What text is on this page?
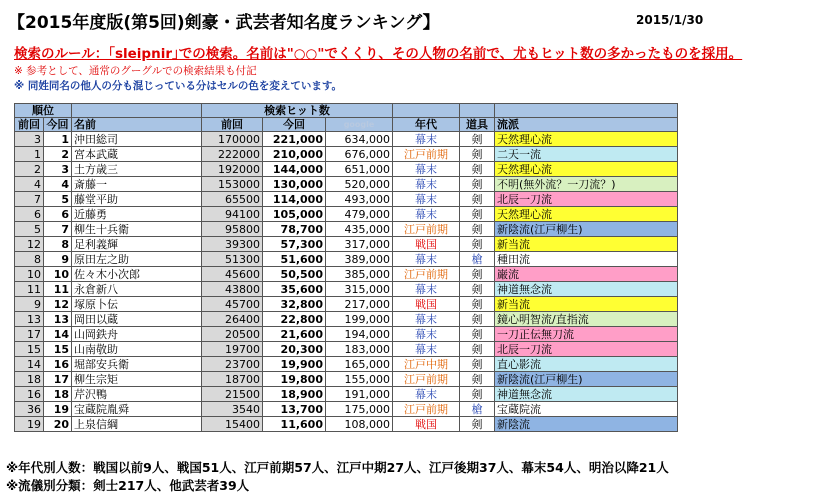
【2015年度版(第5回)剣豪・武芸者知名度ランキング】	2015/1/30
検索のルール：｢sleipnir｣での検索。名前は"○○"でくくり、その人物の名前で、尤もヒット数の多かったものを採用。
※ 参考として、通常のグーグルでの検索結果も付記
※ 同姓同名の他人の分も混じっている分はセルの色を変えています。
順位			検索ヒット数					
前回	今回	名前	前回	今回	google	年代	道具	流派
3	1	沖田総司	170000	221,000	634,000	幕末	剣	天然理心流
1	2	宮本武蔵	222000	210,000	676,000	江戸前期	剣	二天一流
2	3	土方歳三	192000	144,000	651,000	幕末	剣	天然理心流
4	4	斎藤一	153000	130,000	520,000	幕末	剣	不明(無外流？一刀流？)
7	5	藤堂平助	65500	114,000	493,000	幕末	剣	北辰一刀流
6	6	近藤勇	94100	105,000	479,000	幕末	剣	天然理心流
5	7	柳生十兵衛	95800	78,700	435,000	江戸前期	剣	新陰流(江戸柳生)
12	8	足利義輝	39300	57,300	317,000	戦国	剣	新当流
8	9	原田左之助	51300	51,600	389,000	幕末	槍	種田流
10	10	佐々木小次郎	45600	50,500	385,000	江戸前期	剣	巌流
11	11	永倉新八	43800	35,600	315,000	幕末	剣	神道無念流
9	12	塚原卜伝	45700	32,800	217,000	戦国	剣	新当流
13	13	岡田以蔵	26400	22,800	199,000	幕末	剣	鏡心明智流/直指流
17	14	山岡鉄舟	20500	21,600	194,000	幕末	剣	一刀正伝無刀流
15	15	山南敬助	19700	20,300	183,000	幕末	剣	北辰一刀流
14	16	堀部安兵衛	23700	19,900	165,000	江戸中期	剣	直心影流
18	17	柳生宗矩	18700	19,800	155,000	江戸前期	剣	新陰流(江戸柳生)
16	18	芹沢鴨	21500	18,900	191,000	幕末	剣	神道無念流
36	19	宝蔵院胤舜	3540	13,700	175,000	江戸前期	槍	宝蔵院流
19	20	上泉信綱	15400	11,600	108,000	戦国	剣	新陰流
※年代別人数：戦国以前9人、戦国51人、江戸前期57人、江戸中期27人、江戸後期37人、幕末54人、明治以降21人
※流儀別分類：剣士217人、他武芸者39人
